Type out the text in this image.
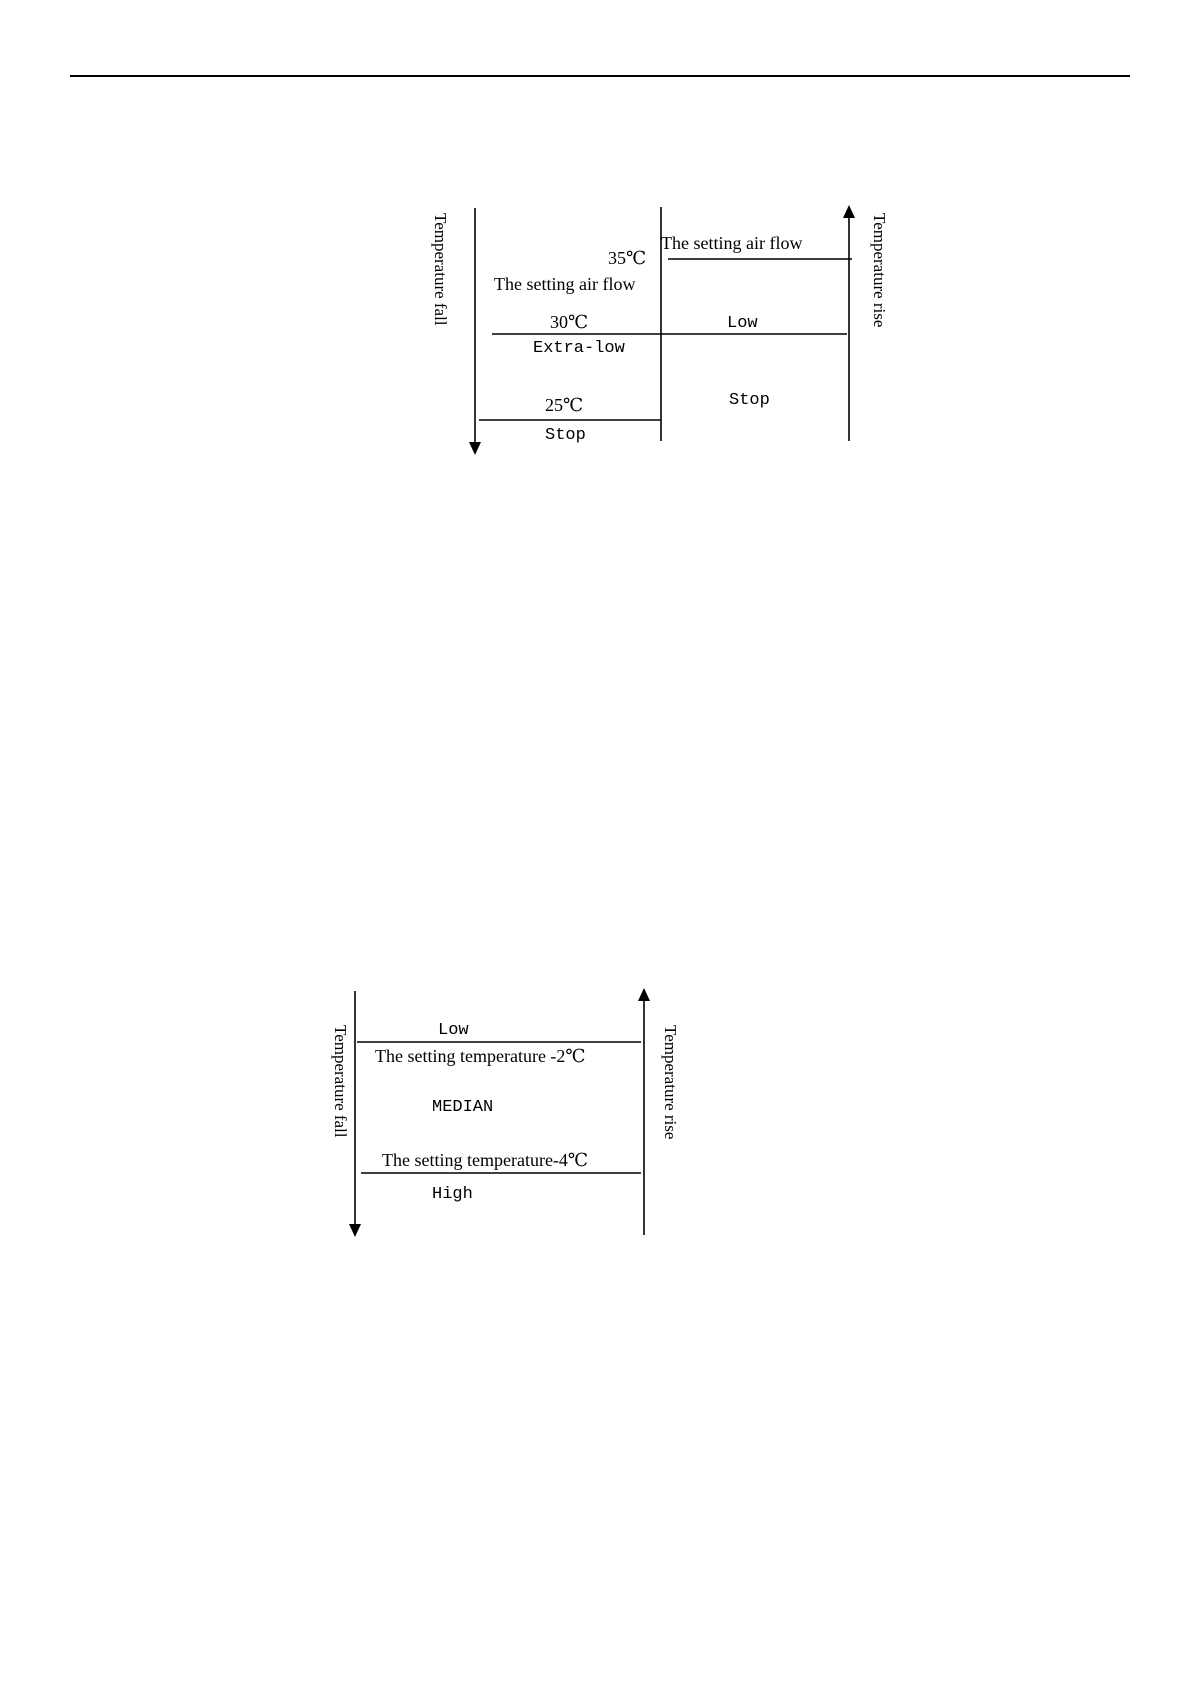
Temperature fall	Temperature rise
35℃
30℃
25℃
The setting air flow
The setting air flow
Low
Extra-low
Stop
Stop
Temperature fall	Temperature rise
Low
The setting temperature -2℃
MEDIAN
The setting temperature-4℃
High
